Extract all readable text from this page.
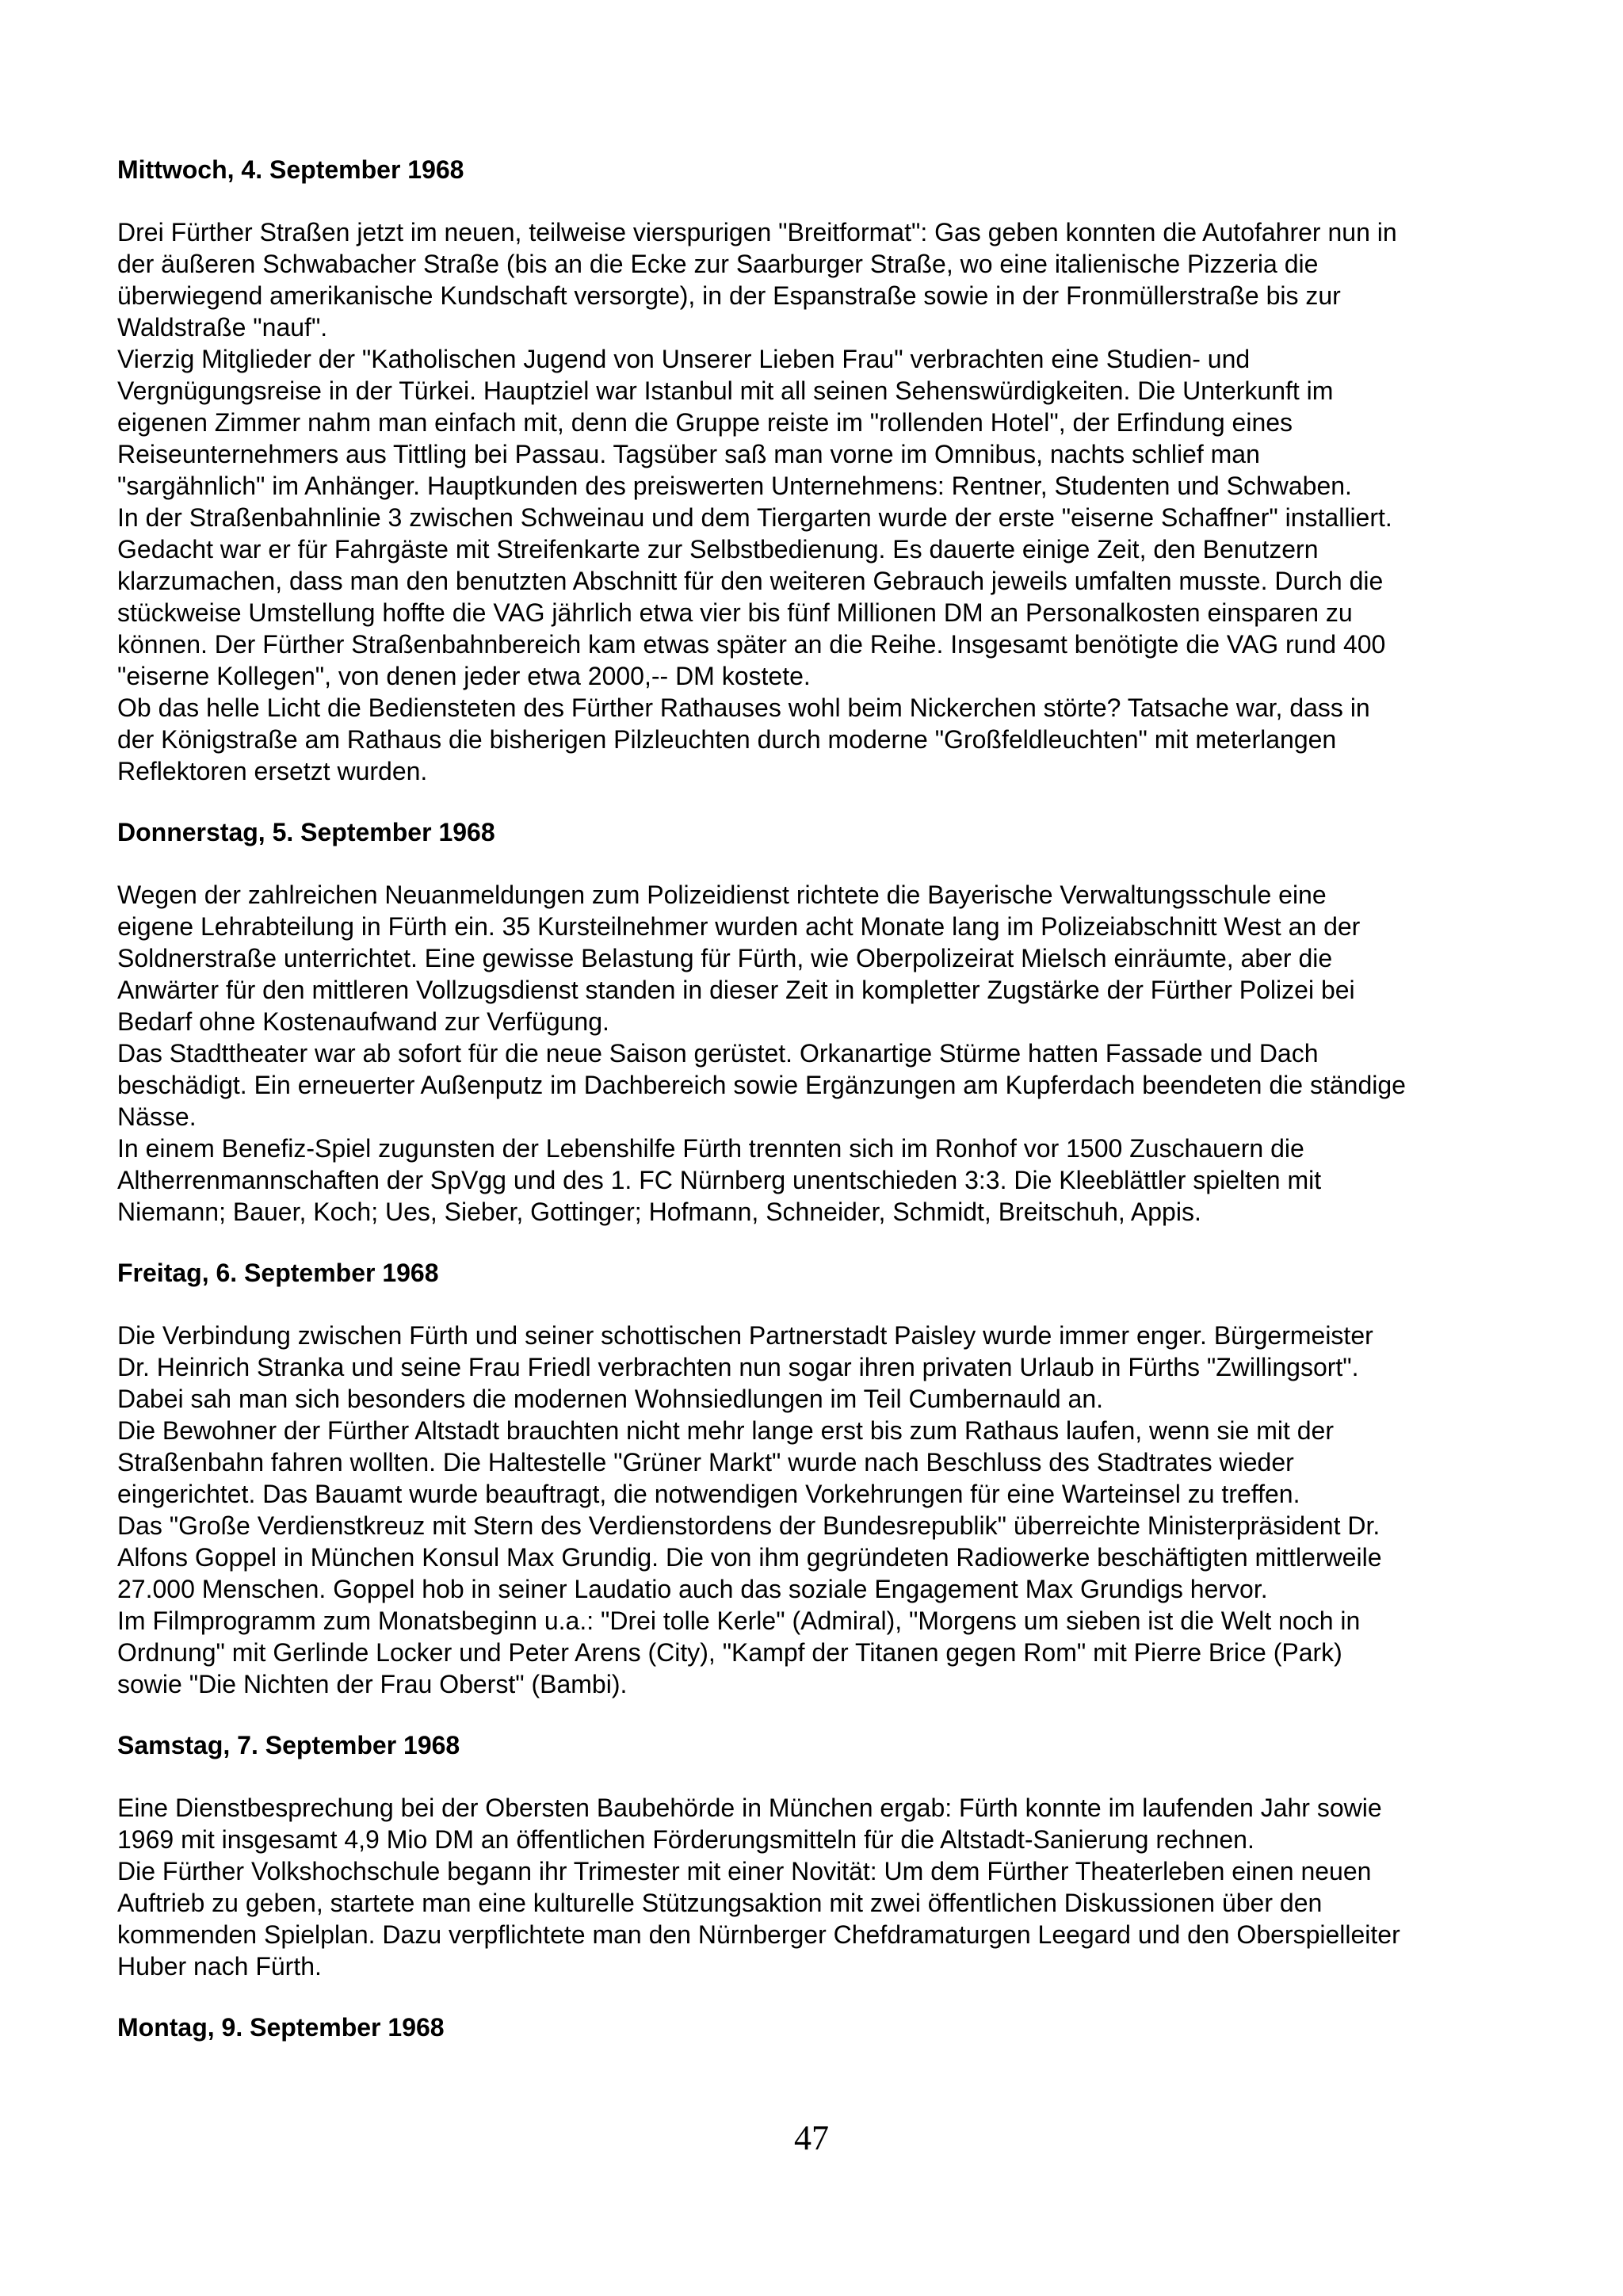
Mittwoch, 4. September 1968

Drei Fürther Straßen jetzt im neuen, teilweise vierspurigen "Breitformat": Gas geben konnten die Autofahrer nun in
der äußeren Schwabacher Straße (bis an die Ecke zur Saarburger Straße, wo eine italienische Pizzeria die
überwiegend amerikanische Kundschaft versorgte), in der Espanstraße sowie in der Fronmüllerstraße bis zur
Waldstraße "nauf".

Vierzig Mitglieder der "Katholischen Jugend von Unserer Lieben Frau" verbrachten eine Studien- und
Vergnügungsreise in der Türkei. Hauptziel war Istanbul mit all seinen Sehenswürdigkeiten. Die Unterkunft im
eigenen Zimmer nahm man einfach mit, denn die Gruppe reiste im "rollenden Hotel", der Erfindung eines
Reiseunternehmers aus Tittling bei Passau. Tagsüber saß man vorne im Omnibus, nachts schlief man
"sargähnlich" im Anhänger. Hauptkunden des preiswerten Unternehmens: Rentner, Studenten und Schwaben.

In der Straßenbahnlinie 3 zwischen Schweinau und dem Tiergarten wurde der erste "eiserne Schaffner" installiert.
Gedacht war er für Fahrgäste mit Streifenkarte zur Selbstbedienung. Es dauerte einige Zeit, den Benutzern
klarzumachen, dass man den benutzten Abschnitt für den weiteren Gebrauch jeweils umfalten musste. Durch die
stückweise Umstellung hoffte die VAG jährlich etwa vier bis fünf Millionen DM an Personalkosten einsparen zu
können. Der Fürther Straßenbahnbereich kam etwas später an die Reihe. Insgesamt benötigte die VAG rund 400
"eiserne Kollegen", von denen jeder etwa 2000,-- DM kostete.

Ob das helle Licht die Bediensteten des Fürther Rathauses wohl beim Nickerchen störte? Tatsache war, dass in
der Königstraße am Rathaus die bisherigen Pilzleuchten durch moderne "Großfeldleuchten" mit meterlangen
Reflektoren ersetzt wurden.

Donnerstag, 5. September 1968

Wegen der zahlreichen Neuanmeldungen zum Polizeidienst richtete die Bayerische Verwaltungsschule eine
eigene Lehrabteilung in Fürth ein. 35 Kursteilnehmer wurden acht Monate lang im Polizeiabschnitt West an der
Soldnerstraße unterrichtet. Eine gewisse Belastung für Fürth, wie Oberpolizeirat Mielsch einräumte, aber die
Anwärter für den mittleren Vollzugsdienst standen in dieser Zeit in kompletter Zugstärke der Fürther Polizei bei
Bedarf ohne Kostenaufwand zur Verfügung.

Das Stadttheater war ab sofort für die neue Saison gerüstet. Orkanartige Stürme hatten Fassade und Dach
beschädigt. Ein erneuerter Außenputz im Dachbereich sowie Ergänzungen am Kupferdach beendeten die ständige
Nässe.

In einem Benefiz-Spiel zugunsten der Lebenshilfe Fürth trennten sich im Ronhof vor 1500 Zuschauern die
Altherrenmannschaften der SpVgg und des 1. FC Nürnberg unentschieden 3:3. Die Kleeblättler spielten mit
Niemann; Bauer, Koch; Ues, Sieber, Gottinger; Hofmann, Schneider, Schmidt, Breitschuh, Appis.

Freitag, 6. September 1968

Die Verbindung zwischen Fürth und seiner schottischen Partnerstadt Paisley wurde immer enger. Bürgermeister
Dr. Heinrich Stranka und seine Frau Friedl verbrachten nun sogar ihren privaten Urlaub in Fürths "Zwillingsort".
Dabei sah man sich besonders die modernen Wohnsiedlungen im Teil Cumbernauld an.

Die Bewohner der Fürther Altstadt brauchten nicht mehr lange erst bis zum Rathaus laufen, wenn sie mit der
Straßenbahn fahren wollten. Die Haltestelle "Grüner Markt" wurde nach Beschluss des Stadtrates wieder
eingerichtet. Das Bauamt wurde beauftragt, die notwendigen Vorkehrungen für eine Warteinsel zu treffen.

Das "Große Verdienstkreuz mit Stern des Verdienstordens der Bundesrepublik" überreichte Ministerpräsident Dr.
Alfons Goppel in München Konsul Max Grundig. Die von ihm gegründeten Radiowerke beschäftigten mittlerweile
27.000 Menschen. Goppel hob in seiner Laudatio auch das soziale Engagement Max Grundigs hervor.

Im Filmprogramm zum Monatsbeginn u.a.: "Drei tolle Kerle" (Admiral), "Morgens um sieben ist die Welt noch in
Ordnung" mit Gerlinde Locker und Peter Arens (City), "Kampf der Titanen gegen Rom" mit Pierre Brice (Park)
sowie "Die Nichten der Frau Oberst" (Bambi).

Samstag, 7. September 1968

Eine Dienstbesprechung bei der Obersten Baubehörde in München ergab: Fürth konnte im laufenden Jahr sowie
1969 mit insgesamt 4,9 Mio DM an öffentlichen Förderungsmitteln für die Altstadt-Sanierung rechnen.

Die Fürther Volkshochschule begann ihr Trimester mit einer Novität: Um dem Fürther Theaterleben einen neuen
Auftrieb zu geben, startete man eine kulturelle Stützungsaktion mit zwei öffentlichen Diskussionen über den
kommenden Spielplan. Dazu verpflichtete man den Nürnberger Chefdramaturgen Leegard und den Oberspielleiter
Huber nach Fürth.

Montag, 9. September 1968
47
